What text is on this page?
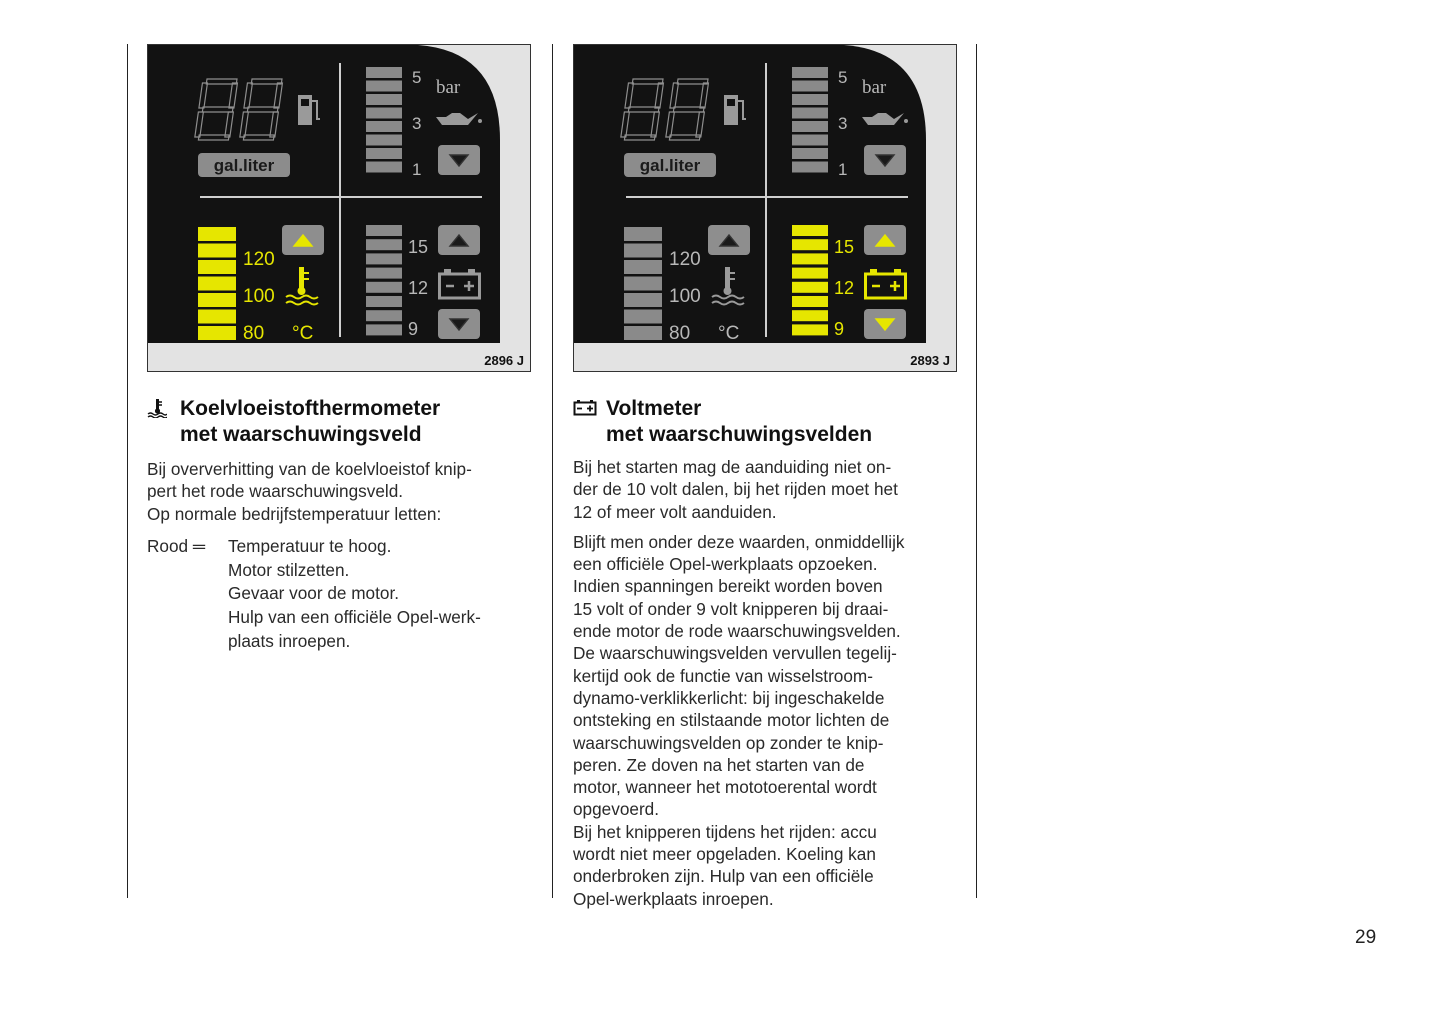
gal.liter
5
3
1
bar
120
100
80 °C
15
12
9
2896 J
Koelvloeistofthermometer
met waarschuwingsveld

Bij oververhitting van de koelvloeistof knip-

pert het rode waarschuwingsveld.

Op normale bedrijfstemperatuur letten:

Rood ═	Temperatuur te hoog.
Motor stilzetten.
Gevaar voor de motor.
Hulp van een officiële Opel-werk-
plaats inroepen.
gal.liter
5
3
1
bar
120
100
80 °C
15
12
9
2893 J
Voltmeter
met waarschuwingsvelden
Bij het starten mag de aanduiding niet on-
der de 10 volt dalen, bij het rijden moet het
12 of meer volt aanduiden.
Blijft men onder deze waarden, onmiddellijk
een officiële Opel-werkplaats opzoeken.
Indien spanningen bereikt worden boven
15 volt of onder 9 volt knipperen bij draai-
ende motor de rode waarschuwingsvelden.
De waarschuwingsvelden vervullen tegelij-
kertijd ook de functie van wisselstroom-
dynamo-verklikkerlicht: bij ingeschakelde
ontsteking en stilstaande motor lichten de
waarschuwingsvelden op zonder te knip-
peren. Ze doven na het starten van de
motor, wanneer het mototoerental wordt
opgevoerd.
Bij het knipperen tijdens het rijden: accu
wordt niet meer opgeladen. Koeling kan
onderbroken zijn. Hulp van een officiële
Opel-werkplaats inroepen.
29
